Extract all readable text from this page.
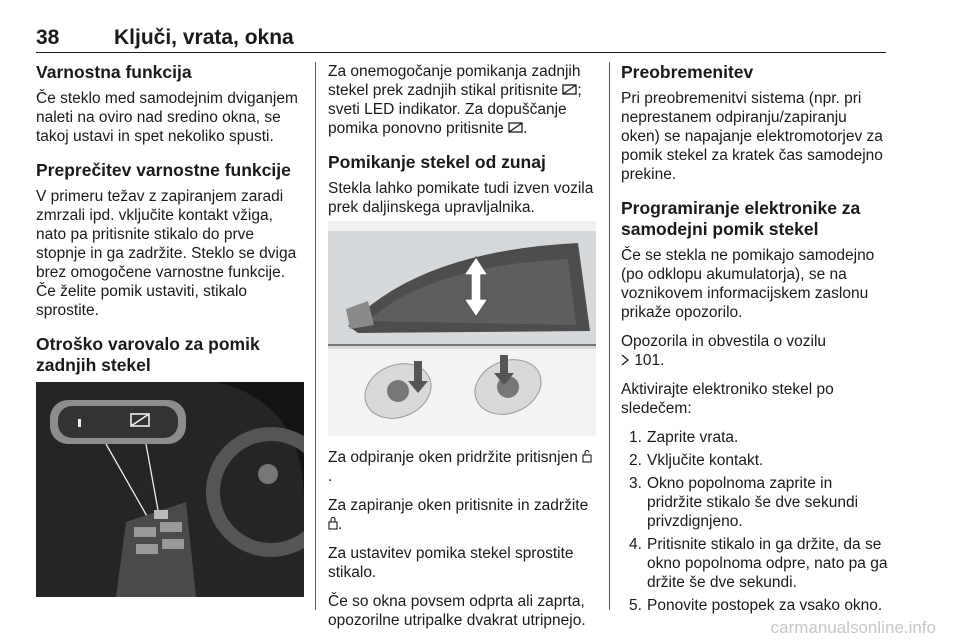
38	Ključi, vrata, okna
Varnostna funkcija

Če steklo med samodejnim dviganjem naleti na oviro nad sredino okna, se takoj ustavi in spet nekoliko spusti.

Preprečitev varnostne funkcije

V primeru težav z zapiranjem zaradi zmrzali ipd. vključite kontakt vžiga, nato pa pritisnite stikalo do prve stopnje in ga zadržite. Steklo se dviga brez omogočene varnostne funkcije.

Če želite pomik ustaviti, stikalo sprostite.

Otroško varovalo za pomik zadnjih stekel

Za onemogočanje pomikanja zadnjih stekel prek zadnjih stikal pritisnite ; sveti LED indikator. Za dopuščanje pomika ponovno pritisnite .

Pomikanje stekel od zunaj

Stekla lahko pomikate tudi izven vozila prek daljinskega upravljalnika.

Za odpiranje oken pridržite pritisnjen .

Za zapiranje oken pritisnite in zadržite .

Za ustavitev pomika stekel sprostite stikalo.

Če so okna povsem odprta ali zaprta, opozorilne utripalke dvakrat utripnejo.

Preobremenitev

Pri preobremenitvi sistema (npr. pri neprestanem odpiranju/zapiranju oken) se napajanje elektromotorjev za pomik stekel za kratek čas samodejno prekine.

Programiranje elektronike za samodejni pomik stekel

Če se stekla ne pomikajo samodejno (po odklopu akumulatorja), se na voznikovem informacijskem zaslonu prikaže opozorilo.

Opozorila in obvestila o vozilu
101.

Aktivirajte elektroniko stekel po sledečem:

1. Zaprite vrata.
2. Vključite kontakt.
3. Okno popolnoma zaprite in pridržite stikalo še dve sekundi privzdignjeno.
4. Pritisnite stikalo in ga držite, da se okno popolnoma odpre, nato pa ga držite še dve sekundi.
5. Ponovite postopek za vsako okno.
carmanualsonline.info
